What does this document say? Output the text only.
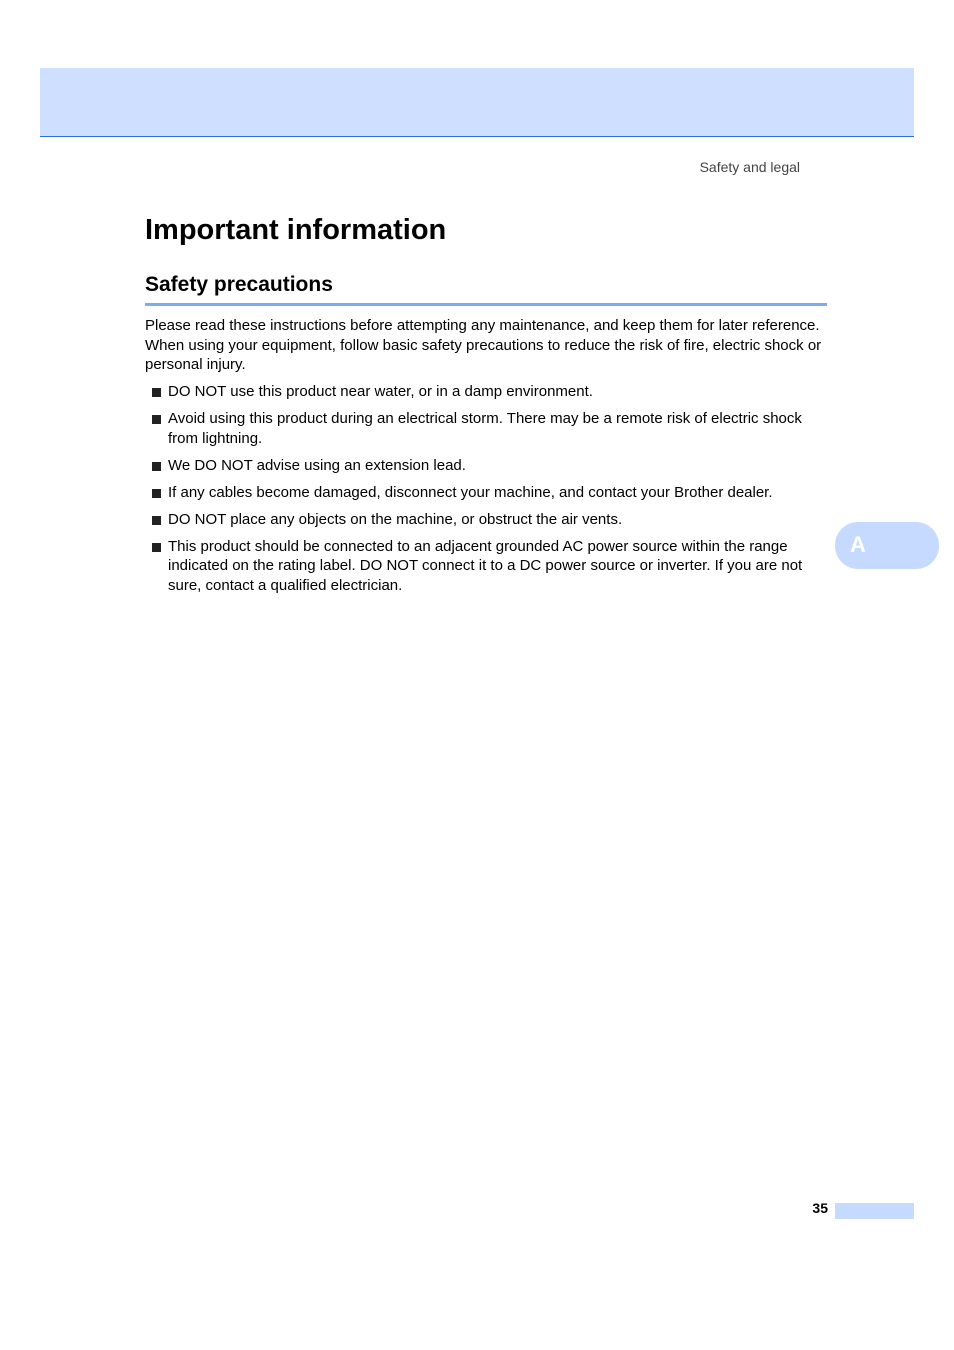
Safety and legal
Important information
Safety precautions

Please read these instructions before attempting any maintenance, and keep them for later reference. When using your equipment, follow basic safety precautions to reduce the risk of fire, electric shock or personal injury.

DO NOT use this product near water, or in a damp environment.
Avoid using this product during an electrical storm. There may be a remote risk of electric shock from lightning.
We DO NOT advise using an extension lead.
If any cables become damaged, disconnect your machine, and contact your Brother dealer.
DO NOT place any objects on the machine, or obstruct the air vents.
This product should be connected to an adjacent grounded AC power source within the range indicated on the rating label. DO NOT connect it to a DC power source or inverter. If you are not sure, contact a qualified electrician.
A
35
